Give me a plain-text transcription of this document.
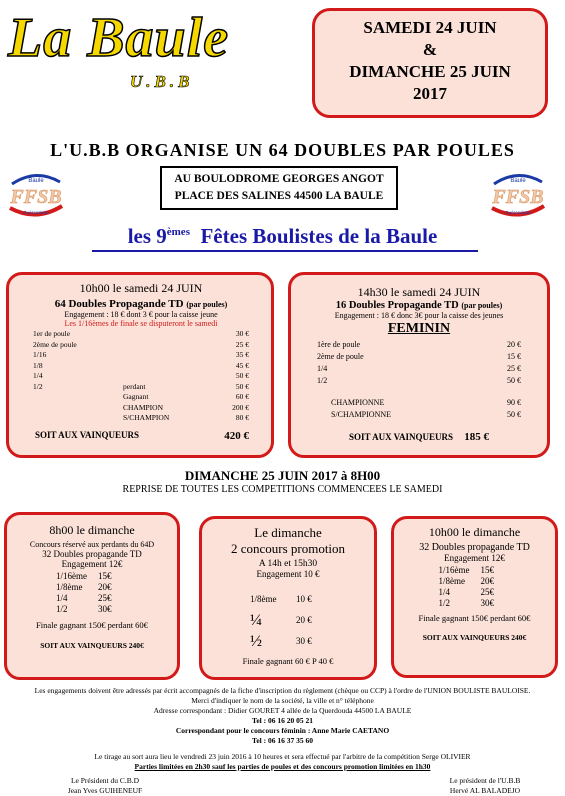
La Baule
U.B.B
SAMEDI 24 JUIN
&
DIMANCHE 25 JUIN
2017
L'U.B.B ORGANISE UN 64 DOUBLES PAR POULES
Baule
FFSB
Guérandaise
Baule
FFSB
Guérandaise
AU BOULODROME GEORGES ANGOT
PLACE DES SALINES 44500 LA BAULE
les 9èmes  Fêtes Boulistes de la Baule
10h00 le samedi 24 JUIN
64 Doubles Propagande TD (par poules)
Engagement : 18 € dont 3 € pour la caisse jeune
Les 1/16èmes de finale se disputeront le samedi
1er de poule	30 €
2ème de poule	25 €
1/16	35 €
1/8	45 €
1/4	50 €
1/2	perdant	50 €
Gagnant	60 €
CHAMPION	200 €
S/CHAMPION	80 €
SOIT AUX VAINQUEURS	420 €
14h30 le samedi 24 JUIN
16 Doubles Propagande TD (par poules)
Engagement : 18 € donc 3€ pour la caisse des jeunes
FEMININ
1ère de poule	20 €
2ème de poule	15 €
1/4	25 €
1/2	50 €
CHAMPIONNE	90 €
S/CHAMPIONNE	50 €
SOIT AUX VAINQUEURS 185 €
DIMANCHE 25 JUIN 2017 à 8H00
REPRISE DE TOUTES LES COMPETITIONS COMMENCEES LE SAMEDI
8h00 le dimanche
Concours réservé aux perdants du 64D
32 Doubles propagande TD
Engagement 12€
1/16ème	15€
1/8ème	20€
1/4	25€
1/2	30€
Finale gagnant 150€ perdant 60€
SOIT AUX VAINQUEURS 240€
Le dimanche
2 concours promotion
A 14h et 15h30
Engagement 10 €
1/8ème	10 €
¼	20 €
½	30 €
Finale gagnant 60 € P 40 €
10h00 le dimanche
32 Doubles propagande TD
Engagement 12€
1/16ème	15€
1/8ème	20€
1/4	25€
1/2	30€
Finale gagnant 150€ perdant 60€
SOIT AUX VAINQUEURS 240€
Les engagements doivent être adressés par écrit accompagnés de la fiche d'inscription du règlement (chèque ou CCP) à l'ordre de l'UNION BOULISTE BAULOISE.
Merci d'indiquer le nom de la société, la ville et n° téléphone
Adresse correspondant : Didier GOURET 4 allée de la Querdouda 44500 LA BAULE
Tel : 06 16 20 05 21
Correspondant pour le concours féminin : Anne Marie CAETANO
Tel : 06 16 37 35 60
Le tirage au sort aura lieu le vendredi 23 juin 2016 à 10 heures et sera effectué par l'arbitre de la compétition Serge OLIVIER
Parties limitées en 2h30 sauf les parties de poules et des concours promotion limitées en 1h30
Le Président du C.B.D
Jean Yves GUIHENEUF
Le président de l'U.B.B
Hervé AL BALADEJO
